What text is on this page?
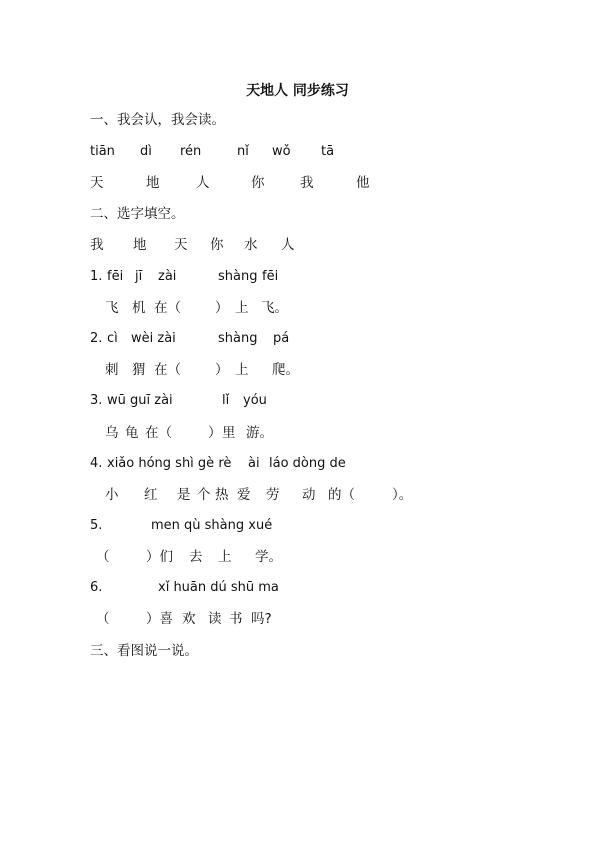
天地人 同步练习
一、我会认，我会读。
tiān dì rén	nǐ wǒ tā
天	地	人	你	我	他
二、选字填空。
我 地 天 你 水 人
1. fēi jī zài	shàng fēi
飞 机 在（	） 上 飞。
2. cì wèi zài	shàng pá
刺 猬 在（	） 上 爬。
3. wū guī zài	lǐ yóu
乌 龟 在（	） 里 游。
4. xiǎo hóng shì gè rè ài láo dòng de
小 红 是 个 热 爱 劳 动 的（	）。
5.	men qù shàng xué
（	）们 去 上 学。
6.	xǐ huān dú shū ma
（	）喜 欢 读 书 吗?
三、看图说一说。
